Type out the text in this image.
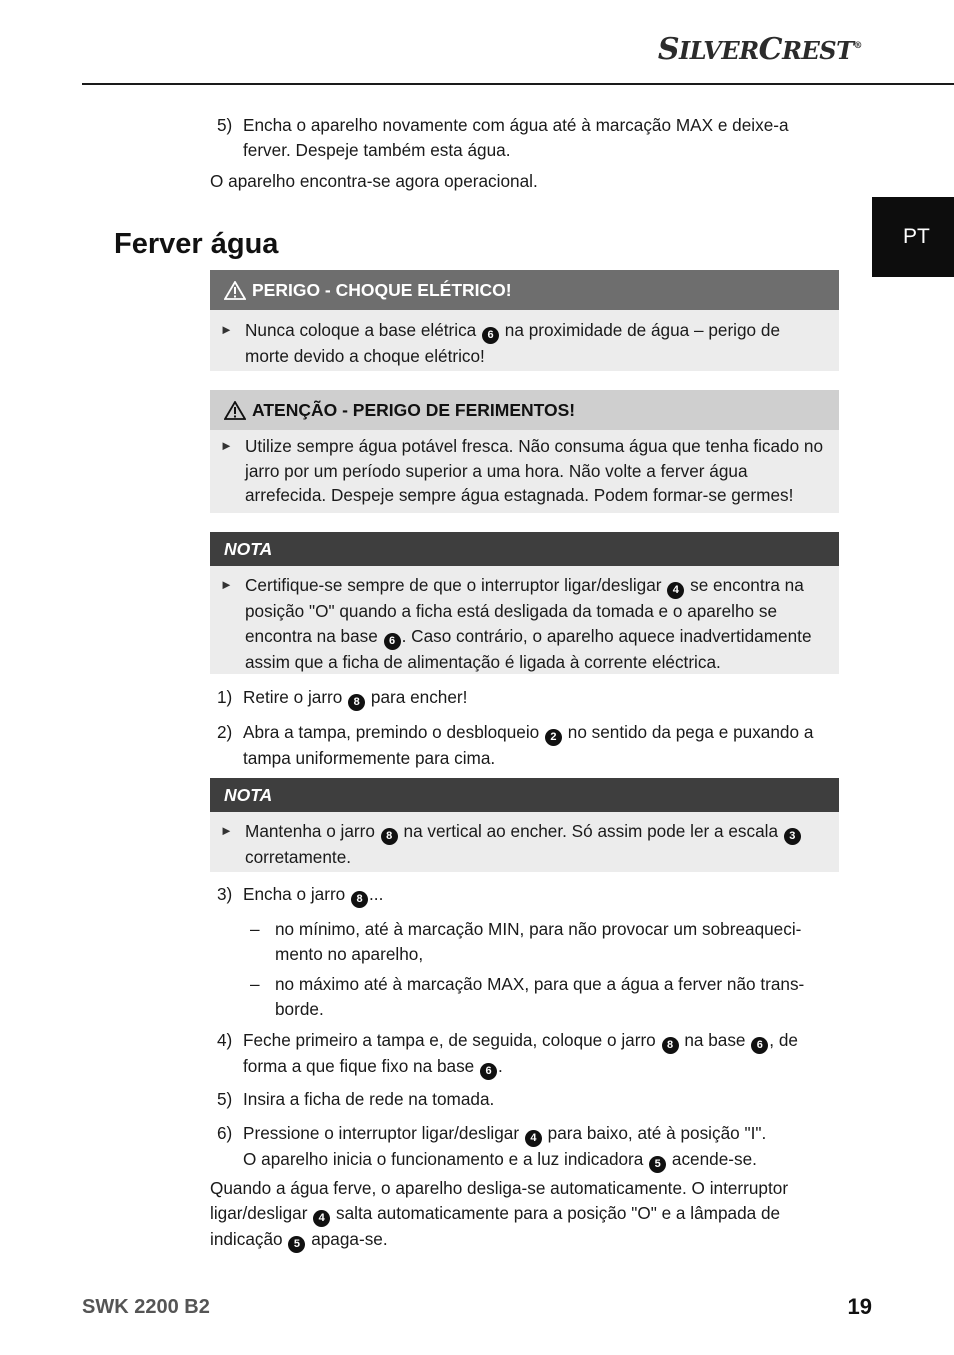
SILVERCREST®
PT
5) Encha o aparelho novamente com água até à marcação MAX e deixe-a ferver. Despeje também esta água.
O aparelho encontra-se agora operacional.
Ferver água
PERIGO - CHOQUE ELÉTRICO!
► Nunca coloque a base elétrica 6 na proximidade de água – perigo de morte devido a choque elétrico!
ATENÇÃO - PERIGO DE FERIMENTOS!
► Utilize sempre água potável fresca. Não consuma água que tenha ficado no jarro por um período superior a uma hora. Não volte a ferver água arrefecida. Despeje sempre água estagnada. Podem formar-se germes!
NOTA
► Certifique-se sempre de que o interruptor ligar/desligar 4 se encontra na posição "O" quando a ficha está desligada da tomada e o aparelho se encontra na base 6 . Caso contrário, o aparelho aquece inadvertidamente assim que a ficha de alimentação é ligada à corrente eléctrica.
1) Retire o jarro 8 para encher!
2) Abra a tampa, premindo o desbloqueio 2 no sentido da pega e puxando a tampa uniformemente para cima.
NOTA
► Mantenha o jarro 8 na vertical ao encher. Só assim pode ler a escala 3 corretamente.
3) Encha o jarro 8 ...
– no mínimo, até à marcação MIN, para não provocar um sobreaqueci-mento no aparelho,
– no máximo até à marcação MAX, para que a água a ferver não trans-borde.
4) Feche primeiro a tampa e, de seguida, coloque o jarro 8 na base 6 , de forma a que fique fixo na base 6 .
5) Insira a ficha de rede na tomada.
6) Pressione o interruptor ligar/desligar 4 para baixo, até à posição "I".
O aparelho inicia o funcionamento e a luz indicadora 5 acende-se.
Quando a água ferve, o aparelho desliga-se automaticamente. O interruptor ligar/desligar 4 salta automaticamente para a posição "O" e a lâmpada de indicação 5 apaga-se.
SWK 2200 B2	19
